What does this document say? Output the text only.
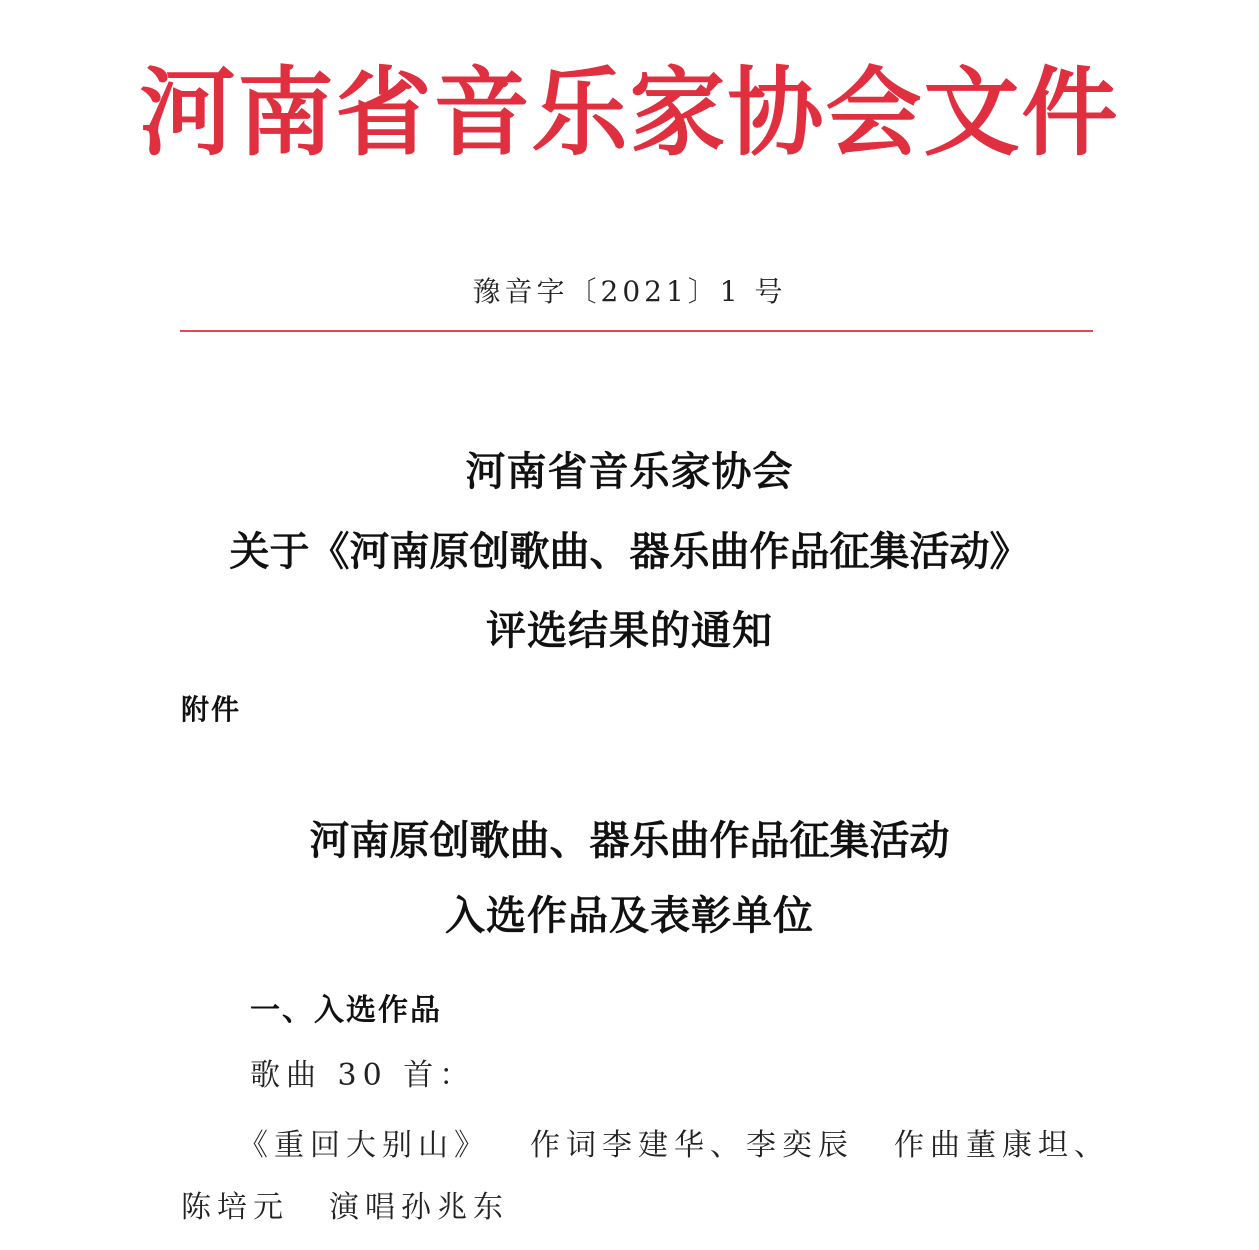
河南省音乐家协会文件
豫音字〔2021〕1 号
河南省音乐家协会
关于《河南原创歌曲、器乐曲作品征集活动》
评选结果的通知
附件
河南原创歌曲、器乐曲作品征集活动
入选作品及表彰单位
一、入选作品
歌曲 30 首：
《重回大别山》 作词李建华、李奕辰 作曲董康坦、
陈培元 演唱孙兆东
